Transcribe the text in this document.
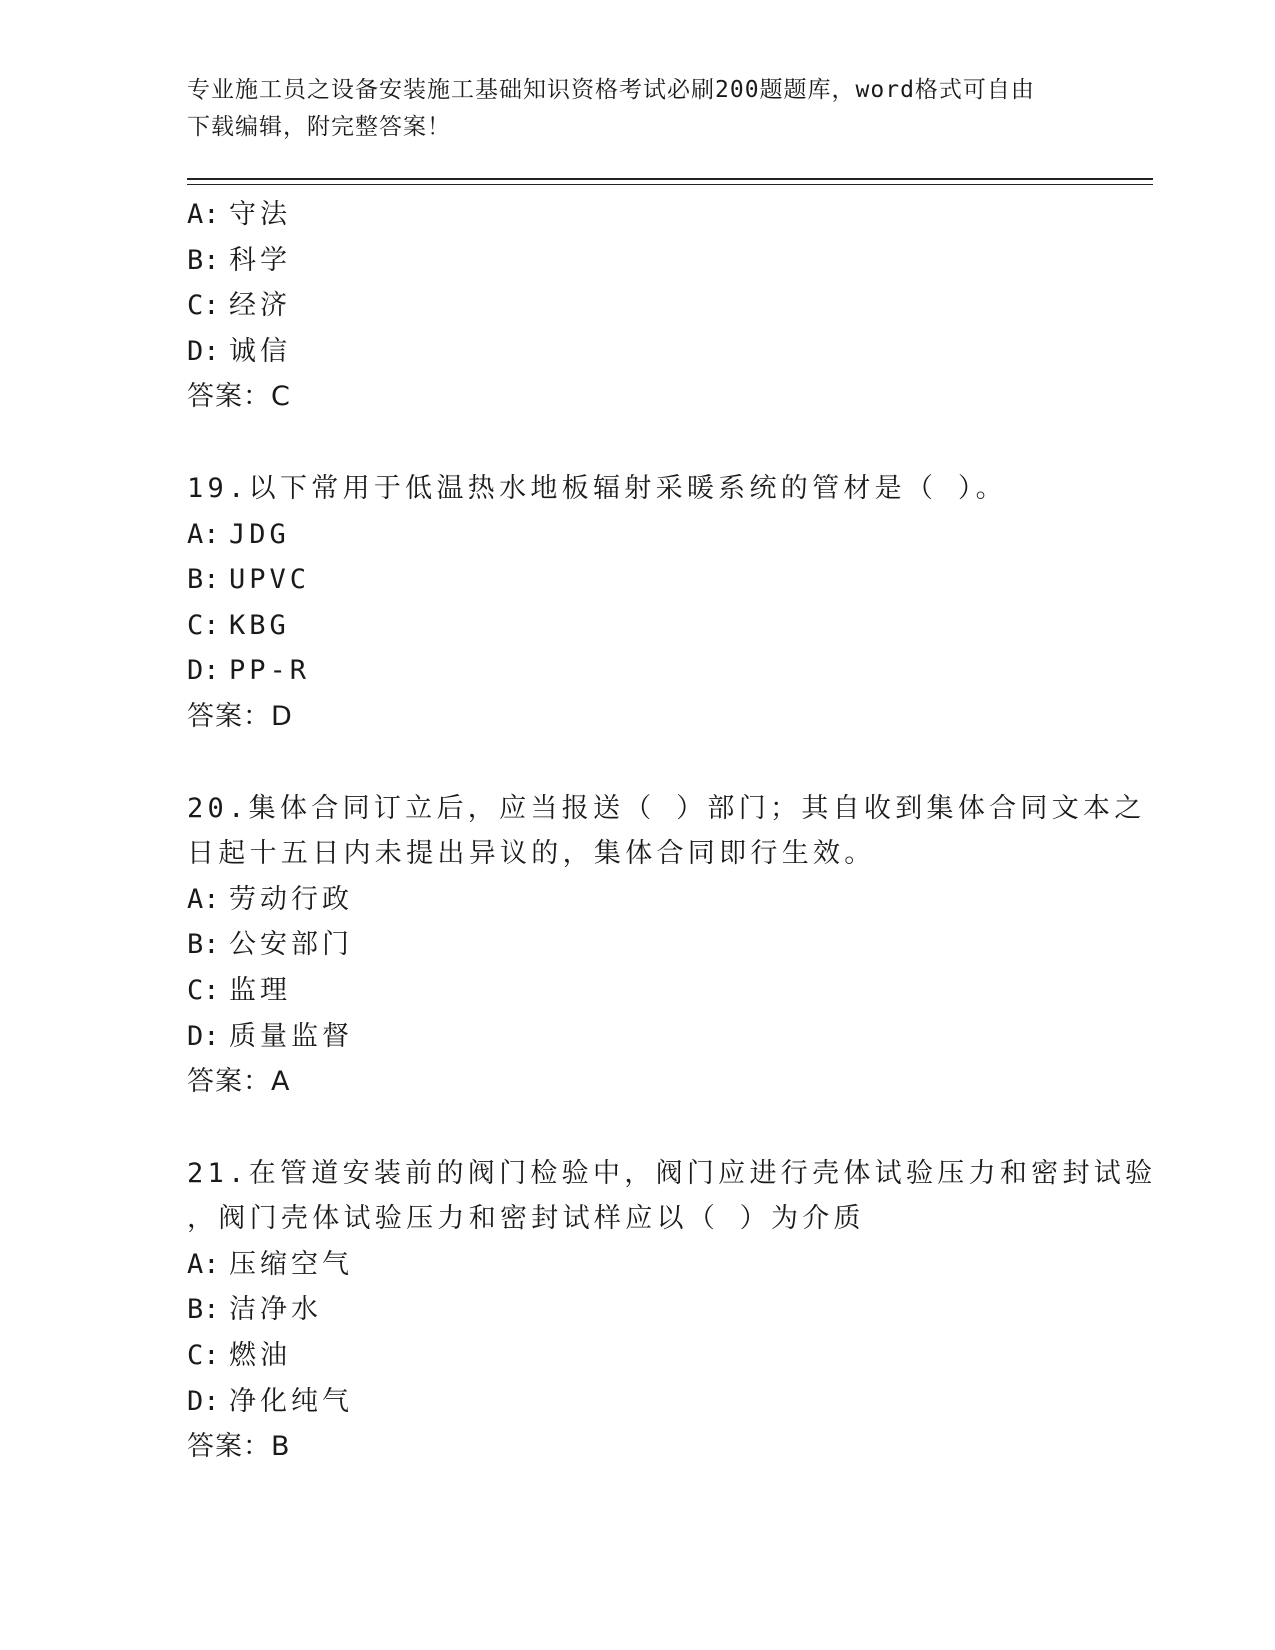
专业施工员之设备安装施工基础知识资格考试必刷200题题库，word格式可自由
下载编辑，附完整答案！
A: 守法
B: 科学
C: 经济
D: 诚信
答案：C
19.以下常用于低温热水地板辐射采暖系统的管材是（ ）。
A: JDG
B: UPVC
C: KBG
D: PP-R
答案：D
20.集体合同订立后，应当报送（ ）部门；其自收到集体合同文本之
日起十五日内未提出异议的，集体合同即行生效。
A: 劳动行政
B: 公安部门
C: 监理
D: 质量监督
答案：A
21.在管道安装前的阀门检验中，阀门应进行壳体试验压力和密封试验
，阀门壳体试验压力和密封试样应以（ ）为介质
A: 压缩空气
B: 洁净水
C: 燃油
D: 净化纯气
答案：B
